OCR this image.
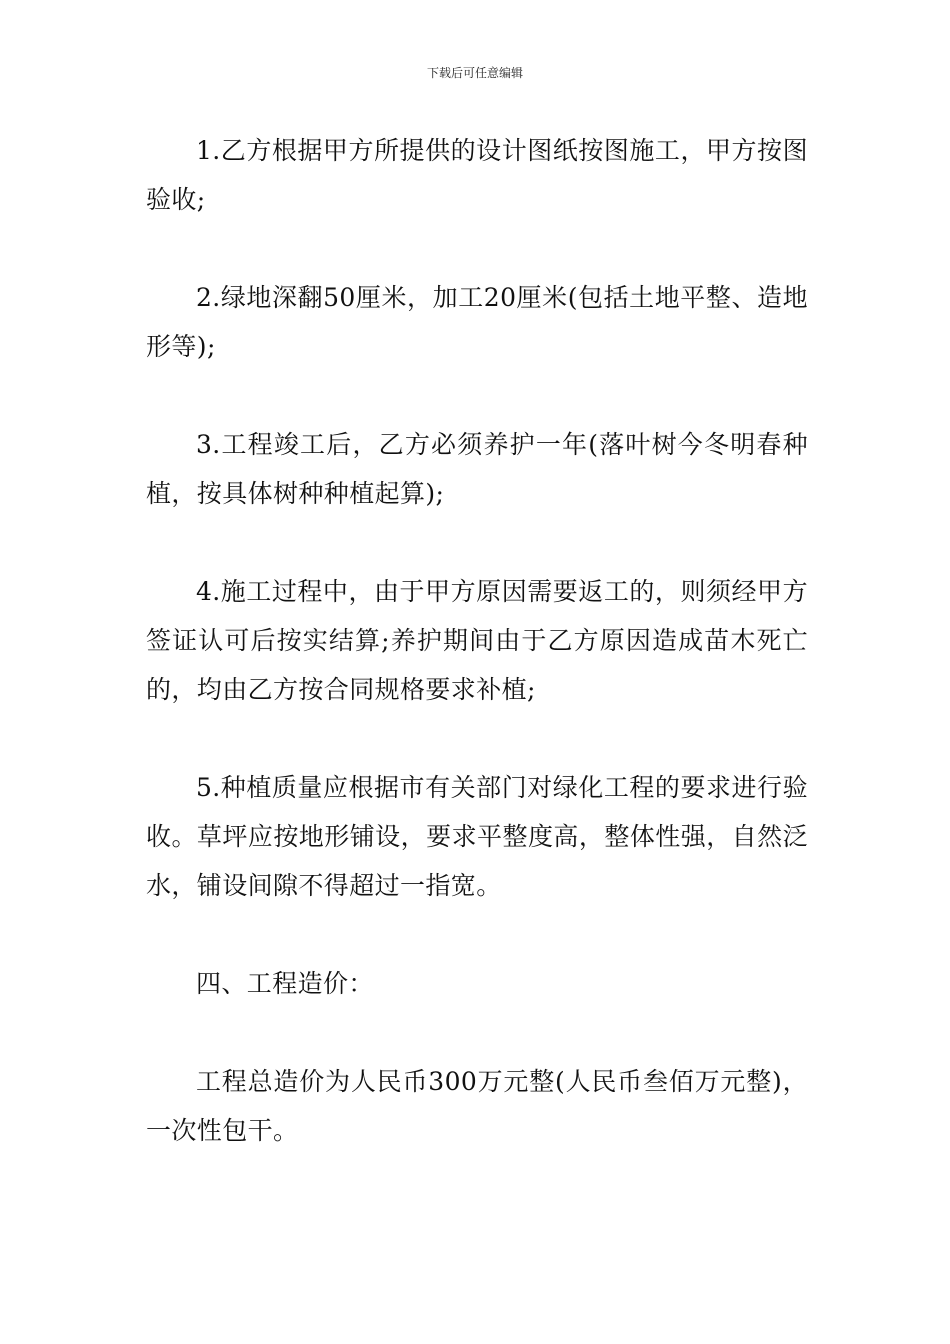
下载后可任意编辑

1.乙方根据甲方所提供的设计图纸按图施工，甲方按图验收;

2.绿地深翻50厘米，加工20厘米(包括土地平整、造地形等);

3.工程竣工后，乙方必须养护一年(落叶树今冬明春种植，按具体树种种植起算);

4.施工过程中，由于甲方原因需要返工的，则须经甲方签证认可后按实结算;养护期间由于乙方原因造成苗木死亡的，均由乙方按合同规格要求补植;

5.种植质量应根据市有关部门对绿化工程的要求进行验收。草坪应按地形铺设，要求平整度高，整体性强，自然泛水，铺设间隙不得超过一指宽。

四、工程造价：

工程总造价为人民币300万元整(人民币叁佰万元整)，一次性包干。
